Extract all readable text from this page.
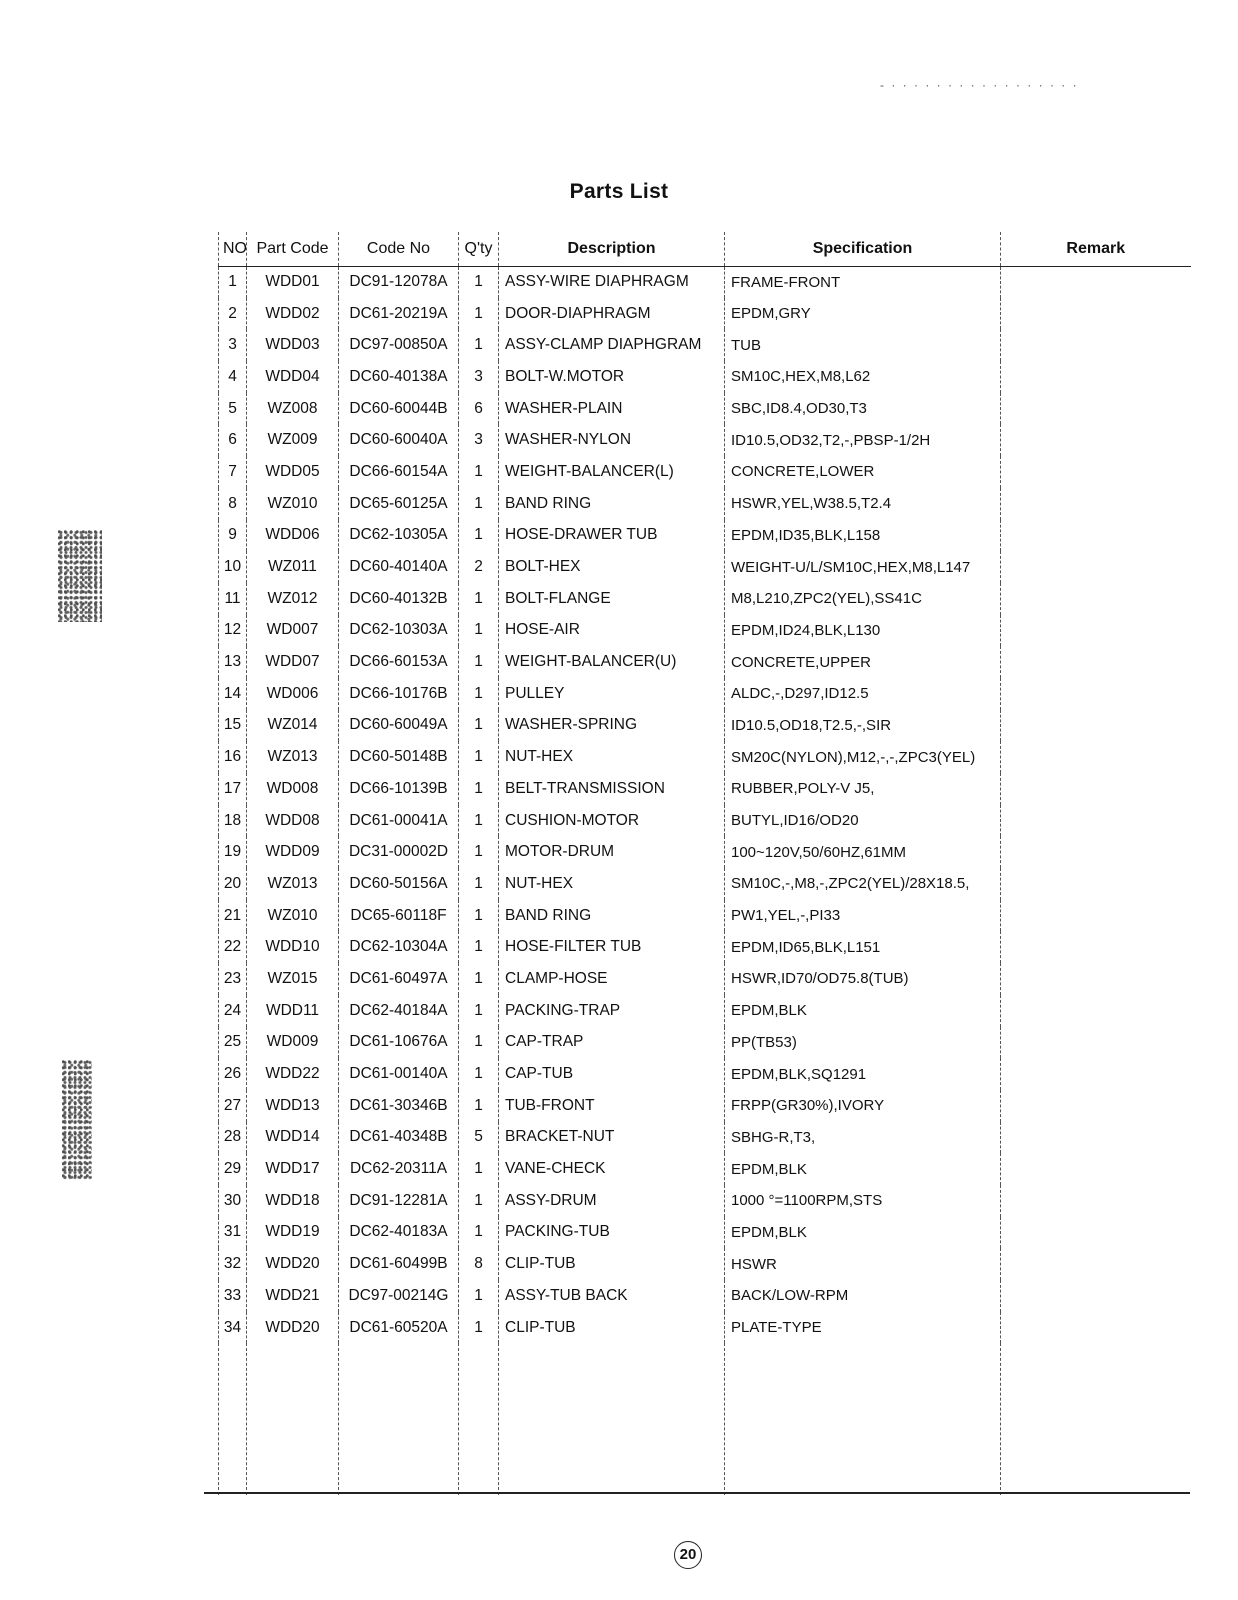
- · · · · · · · · · · · · · · · · ·
Parts List
NO	Part Code	Code No	Q'ty	Description	Specification	Remark
1	WDD01	DC91-12078A	1	ASSY-WIRE DIAPHRAGM	FRAME-FRONT	
2	WDD02	DC61-20219A	1	DOOR-DIAPHRAGM	EPDM,GRY	
3	WDD03	DC97-00850A	1	ASSY-CLAMP DIAPHGRAM	TUB	
4	WDD04	DC60-40138A	3	BOLT-W.MOTOR	SM10C,HEX,M8,L62	
5	WZ008	DC60-60044B	6	WASHER-PLAIN	SBC,ID8.4,OD30,T3	
6	WZ009	DC60-60040A	3	WASHER-NYLON	ID10.5,OD32,T2,-,PBSP-1/2H	
7	WDD05	DC66-60154A	1	WEIGHT-BALANCER(L)	CONCRETE,LOWER	
8	WZ010	DC65-60125A	1	BAND RING	HSWR,YEL,W38.5,T2.4	
9	WDD06	DC62-10305A	1	HOSE-DRAWER TUB	EPDM,ID35,BLK,L158	
10	WZ011	DC60-40140A	2	BOLT-HEX	WEIGHT-U/L/SM10C,HEX,M8,L147	
11	WZ012	DC60-40132B	1	BOLT-FLANGE	M8,L210,ZPC2(YEL),SS41C	
12	WD007	DC62-10303A	1	HOSE-AIR	EPDM,ID24,BLK,L130	
13	WDD07	DC66-60153A	1	WEIGHT-BALANCER(U)	CONCRETE,UPPER	
14	WD006	DC66-10176B	1	PULLEY	ALDC,-,D297,ID12.5	
15	WZ014	DC60-60049A	1	WASHER-SPRING	ID10.5,OD18,T2.5,-,SIR	
16	WZ013	DC60-50148B	1	NUT-HEX	SM20C(NYLON),M12,-,-,ZPC3(YEL)	
17	WD008	DC66-10139B	1	BELT-TRANSMISSION	RUBBER,POLY-V J5,	
18	WDD08	DC61-00041A	1	CUSHION-MOTOR	BUTYL,ID16/OD20	
19	WDD09	DC31-00002D	1	MOTOR-DRUM	100~120V,50/60HZ,61MM	
20	WZ013	DC60-50156A	1	NUT-HEX	SM10C,-,M8,-,ZPC2(YEL)/28X18.5,	
21	WZ010	DC65-60118F	1	BAND RING	PW1,YEL,-,PI33	
22	WDD10	DC62-10304A	1	HOSE-FILTER TUB	EPDM,ID65,BLK,L151	
23	WZ015	DC61-60497A	1	CLAMP-HOSE	HSWR,ID70/OD75.8(TUB)	
24	WDD11	DC62-40184A	1	PACKING-TRAP	EPDM,BLK	
25	WD009	DC61-10676A	1	CAP-TRAP	PP(TB53)	
26	WDD22	DC61-00140A	1	CAP-TUB	EPDM,BLK,SQ1291	
27	WDD13	DC61-30346B	1	TUB-FRONT	FRPP(GR30%),IVORY	
28	WDD14	DC61-40348B	5	BRACKET-NUT	SBHG-R,T3,	
29	WDD17	DC62-20311A	1	VANE-CHECK	EPDM,BLK	
30	WDD18	DC91-12281A	1	ASSY-DRUM	1000 °=1100RPM,STS	
31	WDD19	DC62-40183A	1	PACKING-TUB	EPDM,BLK	
32	WDD20	DC61-60499B	8	CLIP-TUB	HSWR	
33	WDD21	DC97-00214G	1	ASSY-TUB BACK	BACK/LOW-RPM	
34	WDD20	DC61-60520A	1	CLIP-TUB	PLATE-TYPE	

20
